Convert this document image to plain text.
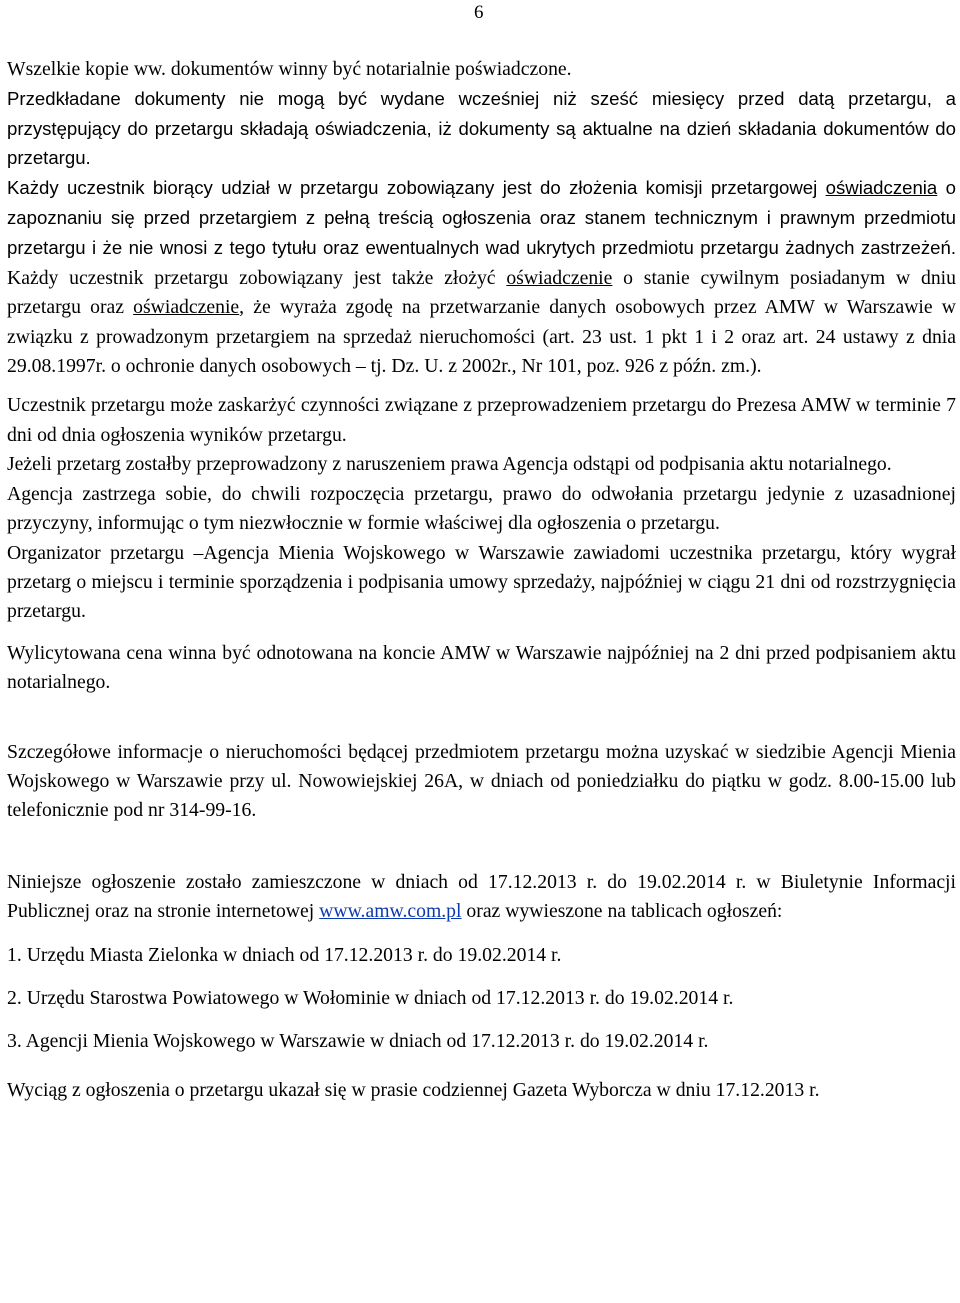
6

Wszelkie kopie ww. dokumentów winny być notarialnie poświadczone.

Przedkładane dokumenty nie mogą być wydane wcześniej niż sześć miesięcy przed datą przetargu, a przystępujący do przetargu składają oświadczenia, iż dokumenty są aktualne na dzień składania dokumentów do przetargu.

Każdy uczestnik biorący udział w przetargu zobowiązany jest do złożenia komisji przetargowej oświadczenia o zapoznaniu się przed przetargiem z pełną treścią ogłoszenia oraz stanem technicznym i prawnym przedmiotu przetargu i że nie wnosi z tego tytułu oraz ewentualnych wad ukrytych przedmiotu przetargu żadnych zastrzeżeń. Każdy uczestnik przetargu zobowiązany jest także złożyć oświadczenie o stanie cywilnym posiadanym w dniu przetargu oraz oświadczenie, że wyraża zgodę na przetwarzanie danych osobowych przez AMW w Warszawie w związku z prowadzonym przetargiem na sprzedaż nieruchomości (art. 23 ust. 1 pkt 1 i 2 oraz art. 24 ustawy z dnia 29.08.1997r. o ochronie danych osobowych – tj. Dz. U. z 2002r., Nr 101, poz. 926 z późn. zm.).

Uczestnik przetargu może zaskarżyć czynności związane z przeprowadzeniem przetargu do Prezesa AMW w terminie 7 dni od dnia ogłoszenia wyników przetargu.

Jeżeli przetarg zostałby przeprowadzony z naruszeniem prawa Agencja odstąpi od podpisania aktu notarialnego.

Agencja zastrzega sobie, do chwili rozpoczęcia przetargu, prawo do odwołania przetargu jedynie z uzasadnionej przyczyny, informując o tym niezwłocznie w formie właściwej dla ogłoszenia o przetargu.

Organizator przetargu –Agencja Mienia Wojskowego w Warszawie zawiadomi uczestnika przetargu, który wygrał przetarg o miejscu i terminie sporządzenia i podpisania umowy sprzedaży, najpóźniej w ciągu 21 dni od rozstrzygnięcia przetargu.

Wylicytowana cena winna być odnotowana na koncie AMW w Warszawie najpóźniej na 2 dni przed podpisaniem aktu notarialnego.

Szczegółowe informacje o nieruchomości będącej przedmiotem przetargu można uzyskać w siedzibie Agencji Mienia Wojskowego w Warszawie przy ul. Nowowiejskiej 26A, w dniach od poniedziałku do piątku w godz. 8.00-15.00 lub telefonicznie pod nr 314-99-16.

Niniejsze ogłoszenie zostało zamieszczone w dniach od 17.12.2013 r. do 19.02.2014 r. w Biuletynie Informacji Publicznej oraz na stronie internetowej www.amw.com.pl oraz wywieszone na tablicach ogłoszeń:

1. Urzędu Miasta Zielonka w dniach od 17.12.2013 r. do 19.02.2014 r.

2. Urzędu Starostwa Powiatowego w Wołominie w dniach od 17.12.2013 r. do 19.02.2014 r.

3. Agencji Mienia Wojskowego w Warszawie w dniach od 17.12.2013 r. do 19.02.2014 r.

Wyciąg z ogłoszenia o przetargu ukazał się w prasie codziennej Gazeta Wyborcza w dniu 17.12.2013 r.
